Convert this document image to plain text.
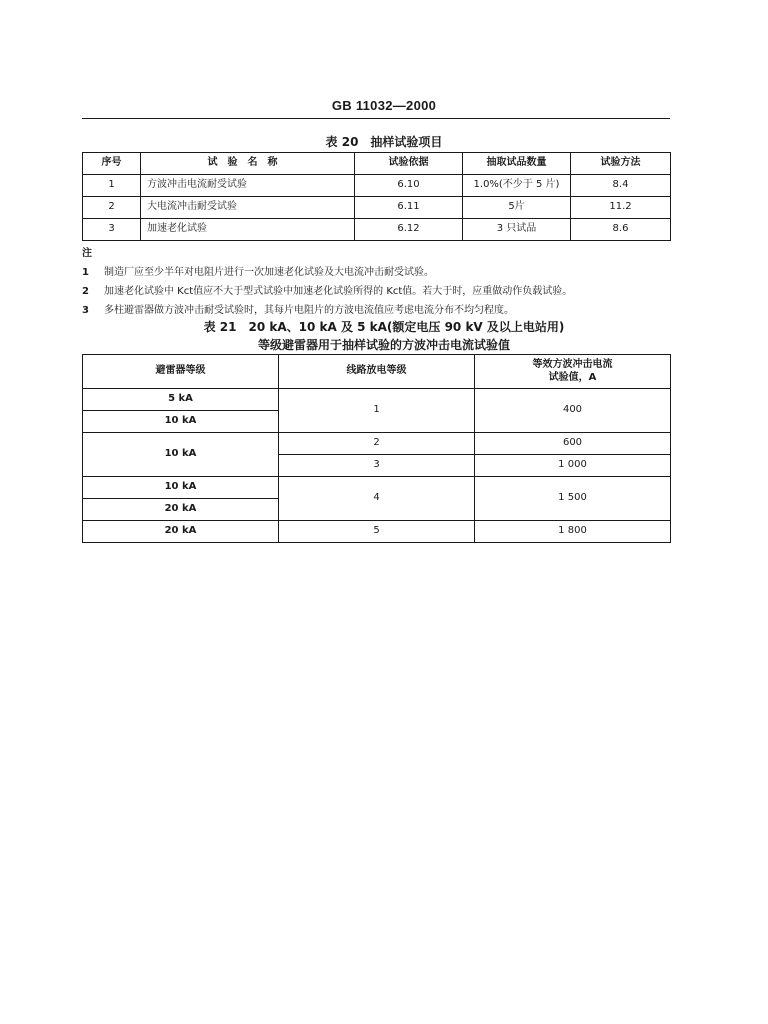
GB 11032—2000
表 20　抽样试验项目
序号	试验名称	试验依据	抽取试品数量	试验方法
1	方波冲击电流耐受试验	6.10	1.0%(不少于 5 片)	8.4
2	大电流冲击耐受试验	6.11	5片	11.2
3	加速老化试验	6.12	3 只试品	8.6
注
1	制造厂应至少半年对电阻片进行一次加速老化试验及大电流冲击耐受试验。
2	加速老化试验中 Kct值应不大于型式试验中加速老化试验所得的 Kct值。若大于时，应重做动作负载试验。
3	多柱避雷器做方波冲击耐受试验时，其每片电阻片的方波电流值应考虑电流分布不均匀程度。
表 21　20 kA、10 kA 及 5 kA(额定电压 90 kV 及以上电站用)
等级避雷器用于抽样试验的方波冲击电流试验值
避雷器等级	线路放电等级	等效方波冲击电流
试验值，A

5 kA	1	400
10 kA		
10 kA	2	600
	3	1 000
10 kA	4	1 500
20 kA		
20 kA	5	1 800
